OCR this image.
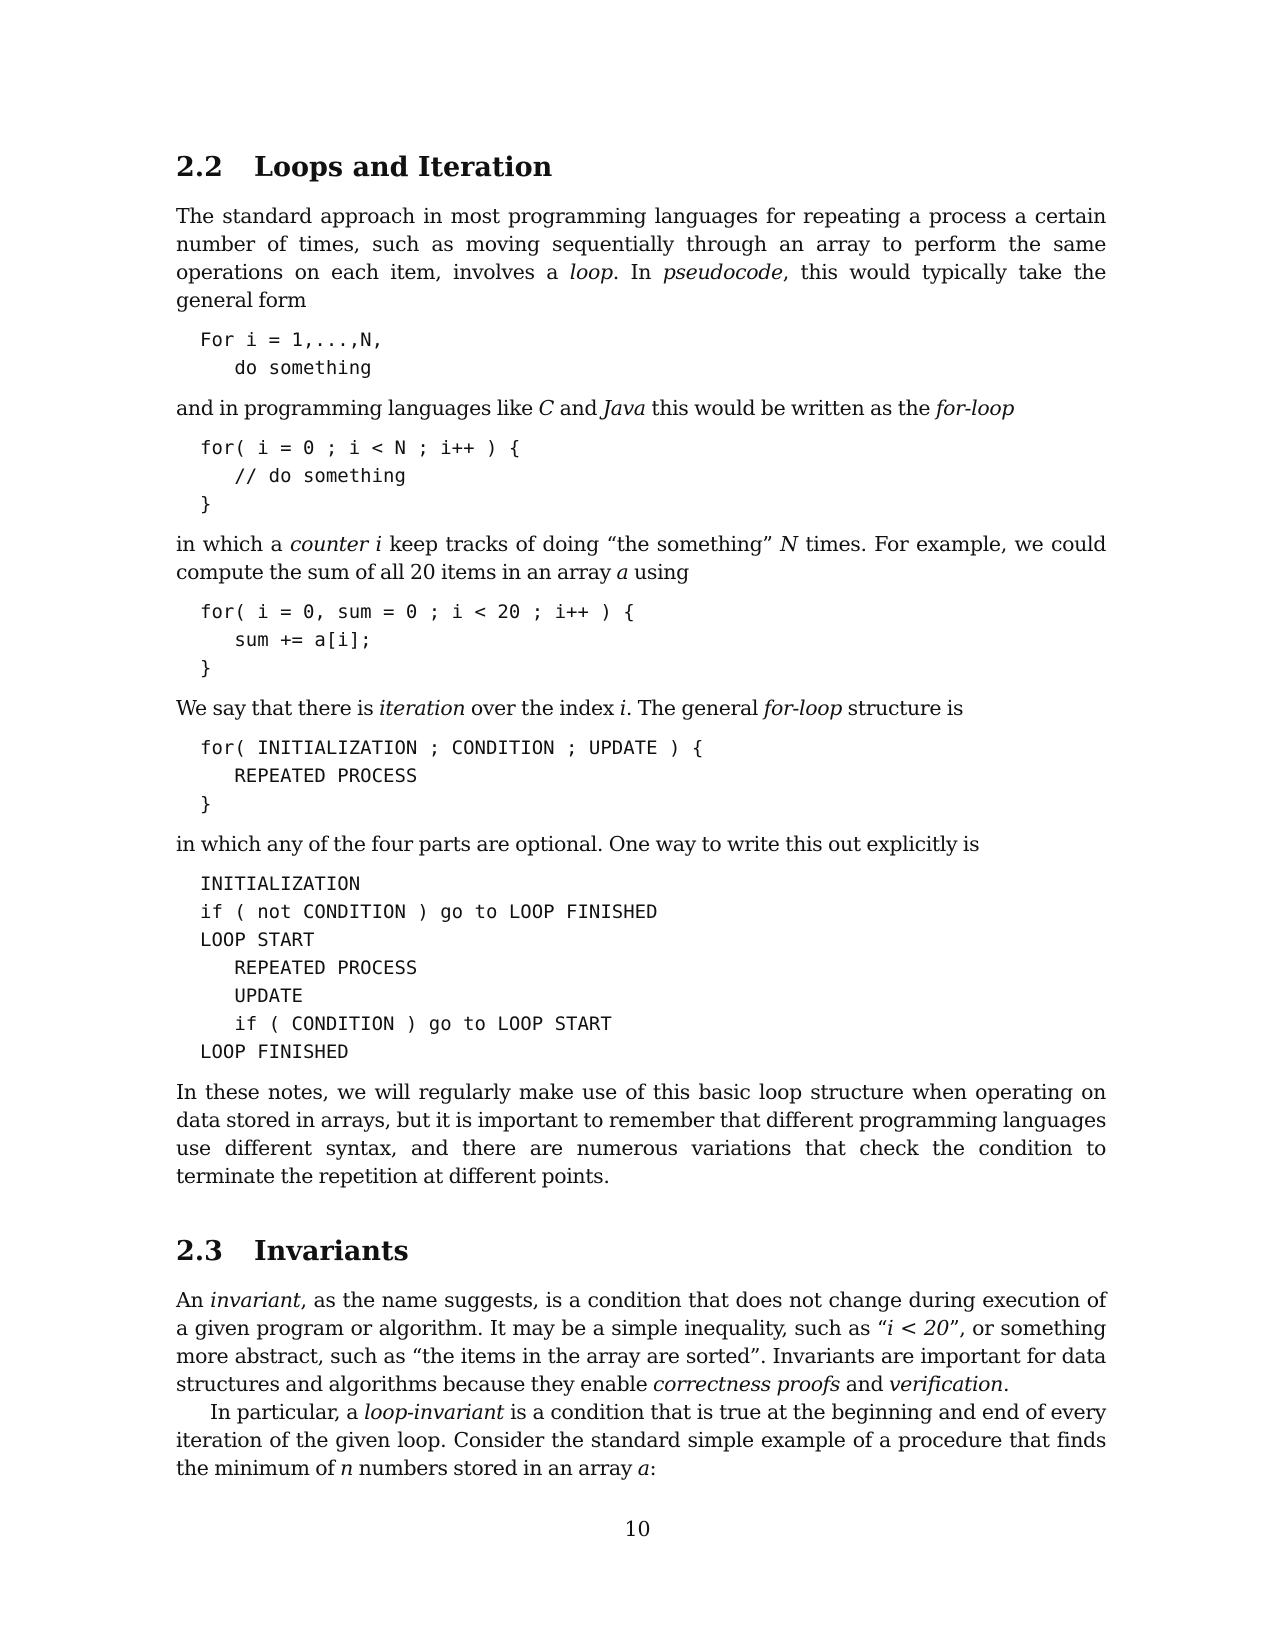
2.2 Loops and Iteration

The standard approach in most programming languages for repeating a process a certain number of times, such as moving sequentially through an array to perform the same operations on each item, involves a loop. In pseudocode, this would typically take the general form

For i = 1,...,N,
do something

and in programming languages like C and Java this would be written as the for-loop

for( i = 0 ; i < N ; i++ ) {
// do something
}

in which a counter i keep tracks of doing “the something” N times. For example, we could compute the sum of all 20 items in an array a using

for( i = 0, sum = 0 ; i < 20 ; i++ ) {
sum += a[i];
}

We say that there is iteration over the index i. The general for-loop structure is

for( INITIALIZATION ; CONDITION ; UPDATE ) {
REPEATED PROCESS
}

in which any of the four parts are optional. One way to write this out explicitly is

INITIALIZATION
if ( not CONDITION ) go to LOOP FINISHED
LOOP START
REPEATED PROCESS
UPDATE
if ( CONDITION ) go to LOOP START
LOOP FINISHED

In these notes, we will regularly make use of this basic loop structure when operating on data stored in arrays, but it is important to remember that different programming languages use different syntax, and there are numerous variations that check the condition to terminate the repetition at different points.

2.3 Invariants

An invariant, as the name suggests, is a condition that does not change during execution of a given program or algorithm. It may be a simple inequality, such as “i < 20”, or something more abstract, such as “the items in the array are sorted”. Invariants are important for data structures and algorithms because they enable correctness proofs and verification.

In particular, a loop-invariant is a condition that is true at the beginning and end of every iteration of the given loop. Consider the standard simple example of a procedure that finds the minimum of n numbers stored in an array a:

10
